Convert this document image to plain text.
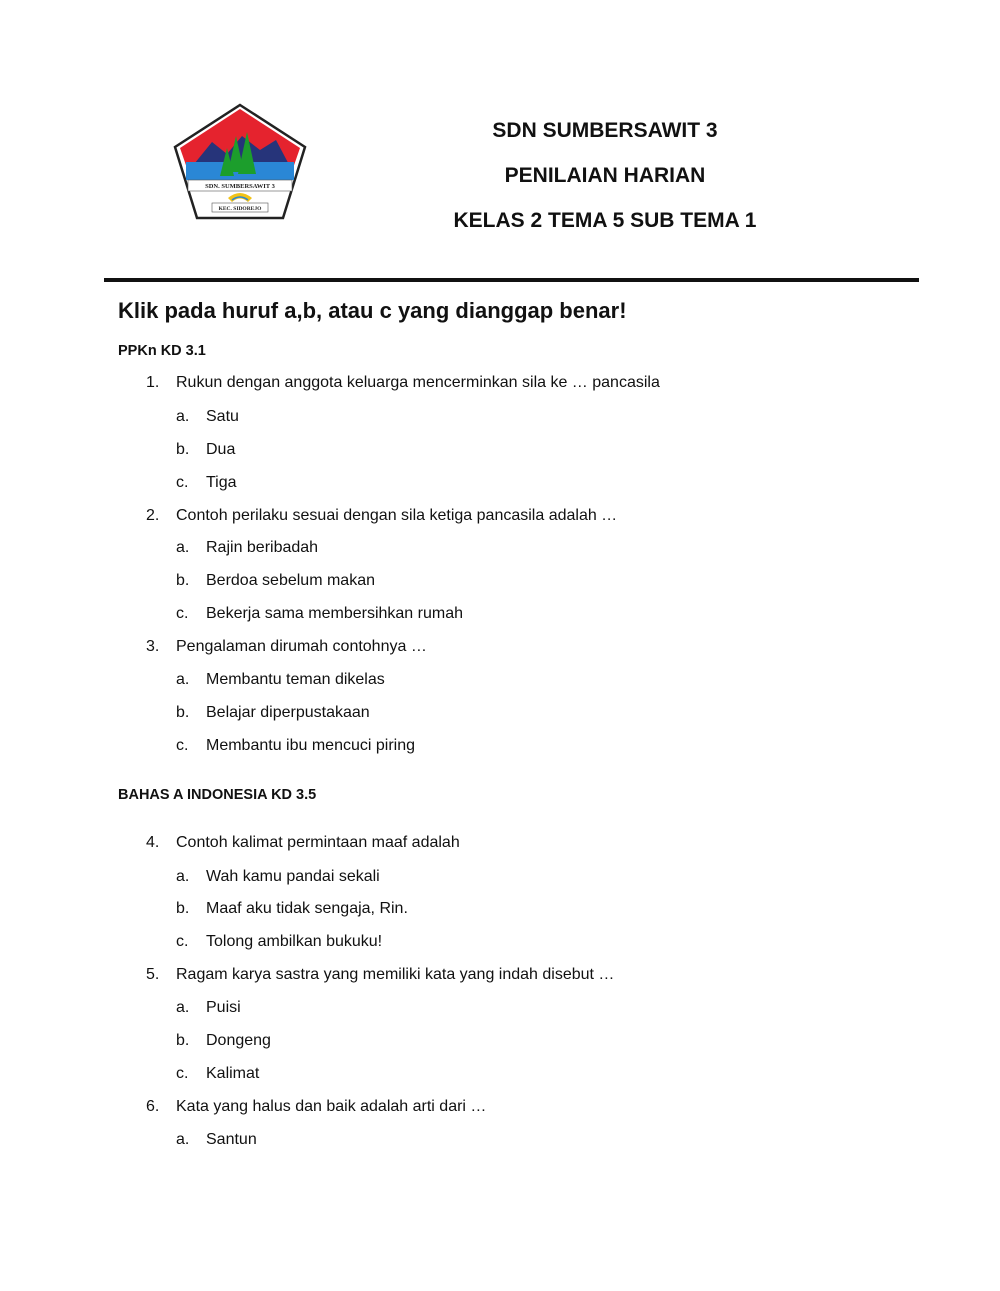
SDN. SUMBERSAWIT 3
KEC. SIDOREJO
SDN SUMBERSAWIT 3
PENILAIAN HARIAN
KELAS 2 TEMA 5 SUB TEMA 1
Klik pada huruf a,b, atau c yang dianggap benar!
PPKn KD 3.1
1. Rukun dengan anggota keluarga mencerminkan sila ke … pancasila
a. Satu
b. Dua
c. Tiga
2. Contoh perilaku sesuai dengan sila ketiga pancasila adalah …
a. Rajin beribadah
b. Berdoa sebelum makan
c. Bekerja sama membersihkan rumah
3. Pengalaman dirumah contohnya …
a. Membantu teman dikelas
b. Belajar diperpustakaan
c. Membantu ibu mencuci piring
BAHAS A INDONESIA KD 3.5
4. Contoh kalimat permintaan maaf adalah
a. Wah kamu pandai sekali
b. Maaf aku tidak sengaja, Rin.
c. Tolong ambilkan bukuku!
5. Ragam karya sastra yang memiliki kata yang indah disebut …
a. Puisi
b. Dongeng
c. Kalimat
6. Kata yang halus dan baik adalah arti dari …
a. Santun
